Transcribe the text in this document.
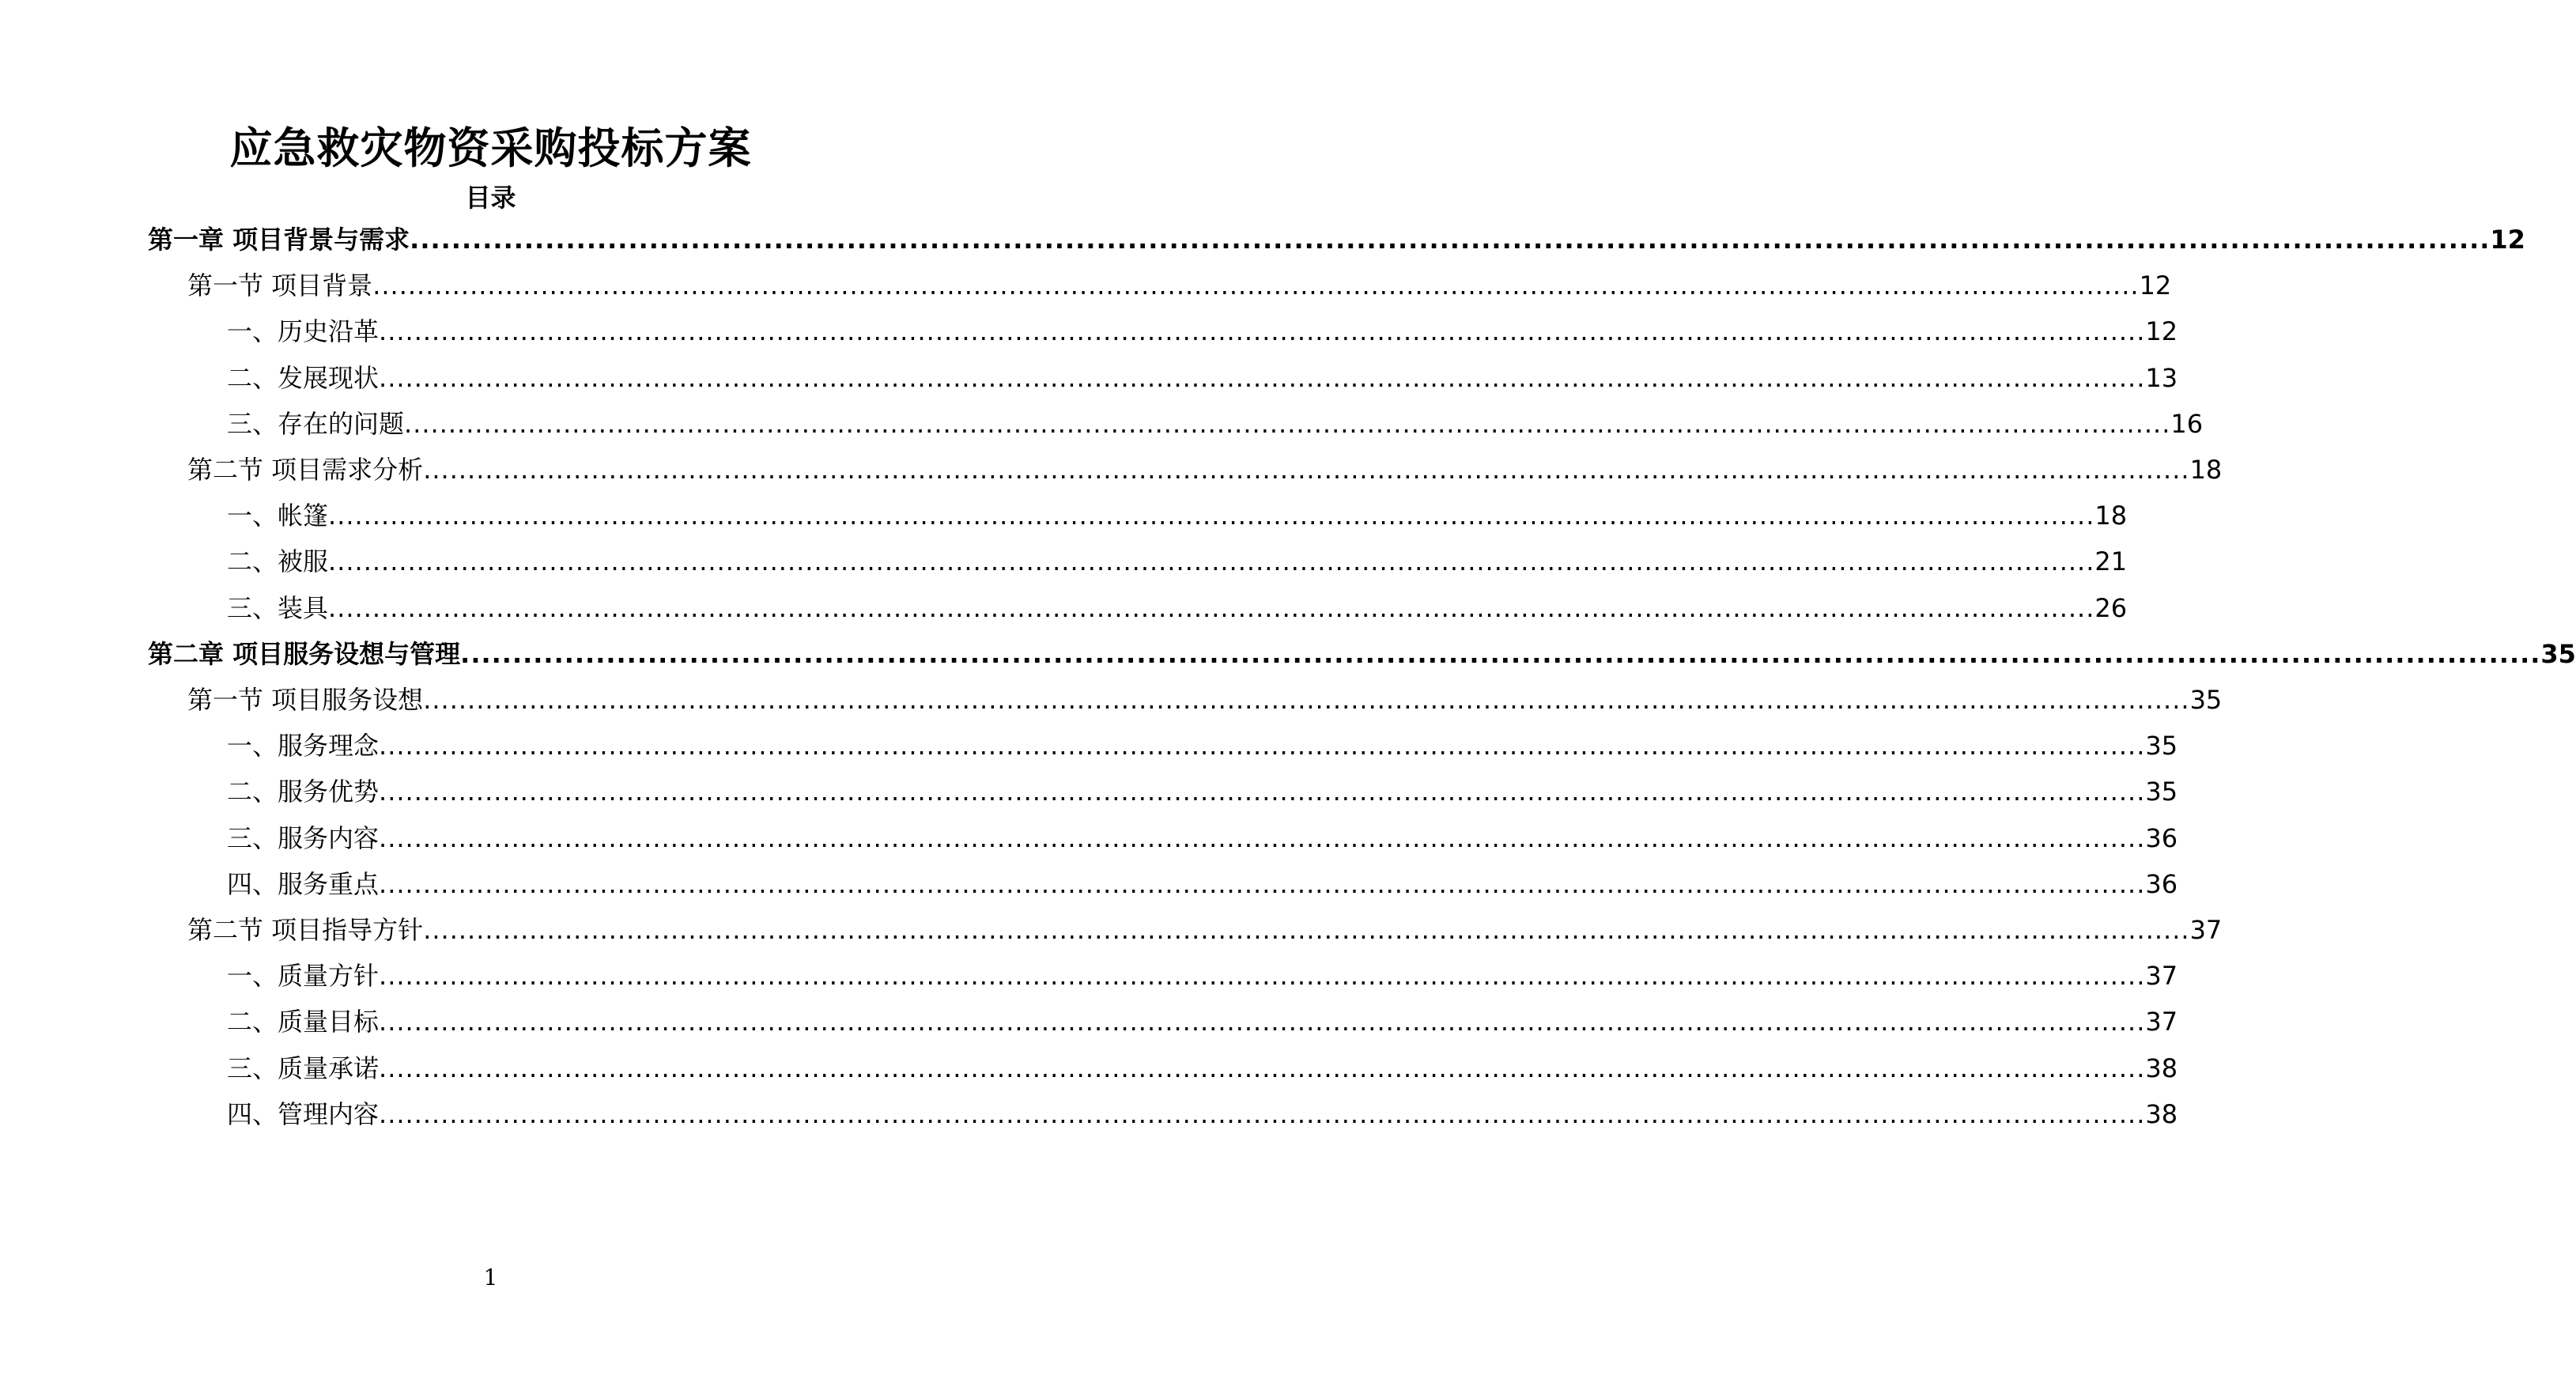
应急救灾物资采购投标方案
目录
第一章 项目背景与需求 ........................................................................................................................................................................................................ 12
第一节 项目背景 ........................................................................................................................................................................................................ 12
一、历史沿革 ........................................................................................................................................................................................................ 12
二、发展现状 ........................................................................................................................................................................................................ 13
三、存在的问题 ........................................................................................................................................................................................................ 16
第二节 项目需求分析 ........................................................................................................................................................................................................ 18
一、帐篷 ........................................................................................................................................................................................................ 18
二、被服 ........................................................................................................................................................................................................ 21
三、装具 ........................................................................................................................................................................................................ 26
第二章 项目服务设想与管理 ........................................................................................................................................................................................................ 35
第一节 项目服务设想 ........................................................................................................................................................................................................ 35
一、服务理念 ........................................................................................................................................................................................................ 35
二、服务优势 ........................................................................................................................................................................................................ 35
三、服务内容 ........................................................................................................................................................................................................ 36
四、服务重点 ........................................................................................................................................................................................................ 36
第二节 项目指导方针 ........................................................................................................................................................................................................ 37
一、质量方针 ........................................................................................................................................................................................................ 37
二、质量目标 ........................................................................................................................................................................................................ 37
三、质量承诺 ........................................................................................................................................................................................................ 38
四、管理内容 ........................................................................................................................................................................................................ 38
1
